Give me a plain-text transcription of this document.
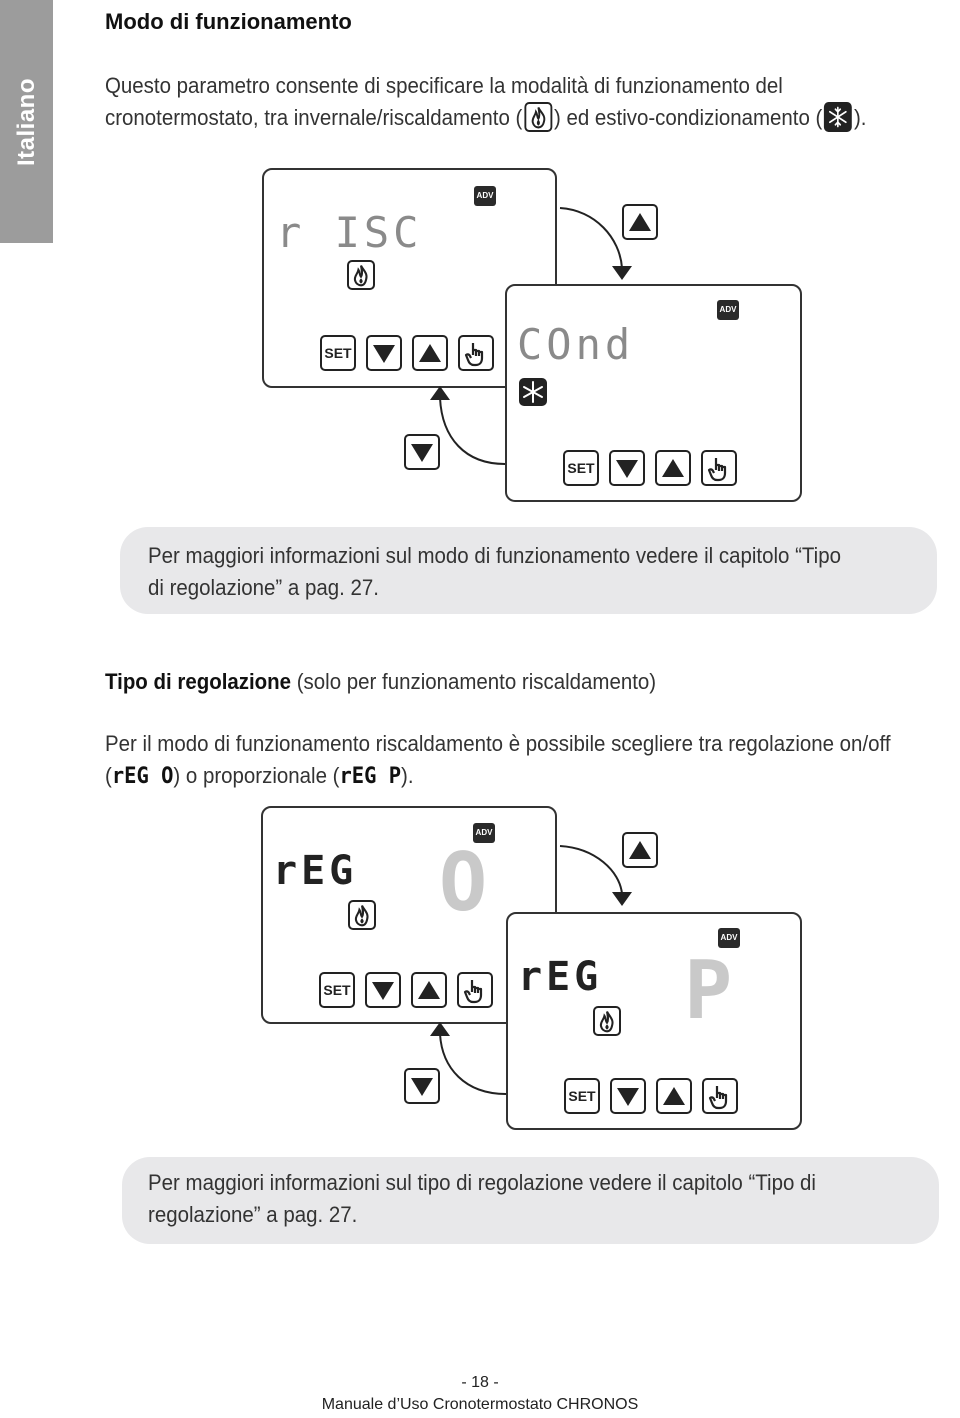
Italiano
Modo di funzionamento
Questo parametro consente di specificare la modalità di funzionamento del
cronotermostato, tra invernale/riscaldamento ( ) ed estivo-condizionamento ( ).
ADV
r ISC
SET
ADV
COnd
SET

Per maggiori informazioni sul modo di funzionamento vedere il capitolo “Tipo

di regolazione” a pag. 27.

Tipo di regolazione (solo per funzionamento riscaldamento)
Per il modo di funzionamento riscaldamento è possibile scegliere tra regolazione on/off
(rEG O) o proporzionale (rEG P).
ADV
rEG O
SET
ADV
rEG P
SET

Per maggiori informazioni sul tipo di regolazione vedere il capitolo “Tipo di

regolazione” a pag. 27.

- 18 -
Manuale d’Uso Cronotermostato CHRONOS
